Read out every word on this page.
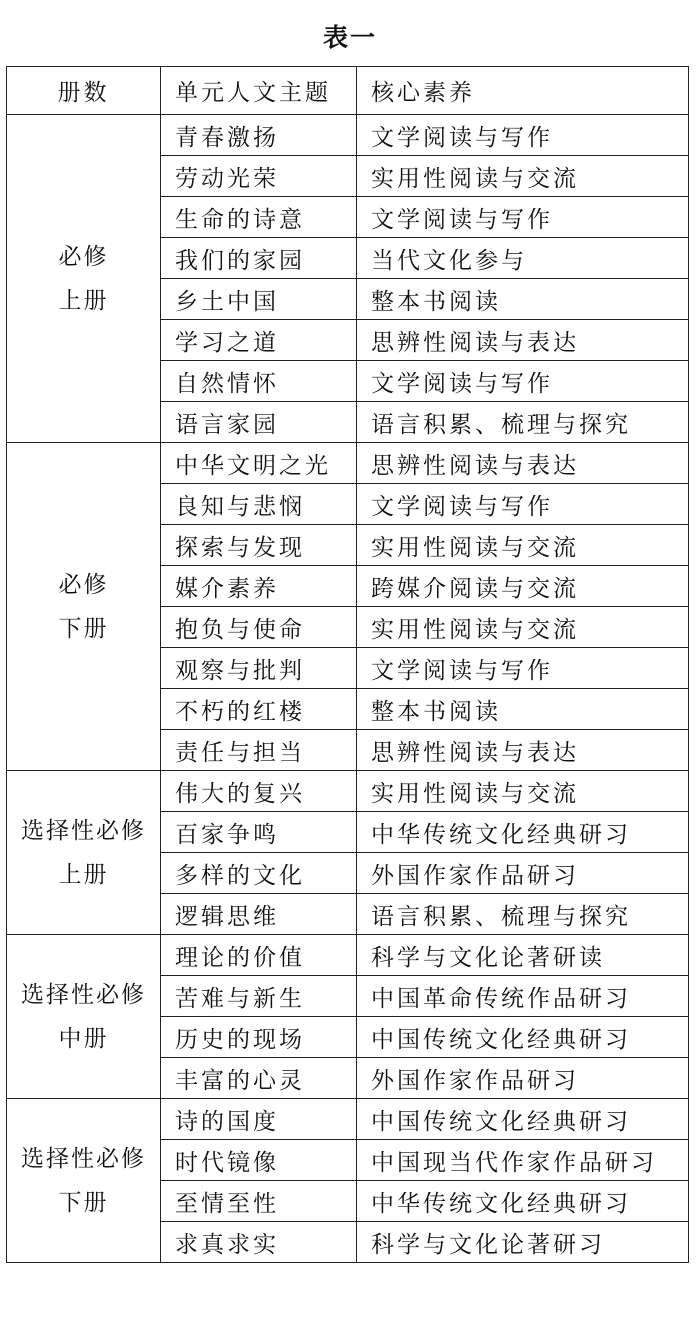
表一
册数	单元人文主题	核心素养

必修
上册	青春激扬	文学阅读与写作
	劳动光荣	实用性阅读与交流
	生命的诗意	文学阅读与写作
	我们的家园	当代文化参与
	乡土中国	整本书阅读
	学习之道	思辨性阅读与表达
	自然情怀	文学阅读与写作
	语言家园	语言积累、梳理与探究

必修
下册	中华文明之光	思辨性阅读与表达
	良知与悲悯	文学阅读与写作
	探索与发现	实用性阅读与交流
	媒介素养	跨媒介阅读与交流
	抱负与使命	实用性阅读与交流
	观察与批判	文学阅读与写作
	不朽的红楼	整本书阅读
	责任与担当	思辨性阅读与表达

选择性必修
上册	伟大的复兴	实用性阅读与交流
	百家争鸣	中华传统文化经典研习
	多样的文化	外国作家作品研习
	逻辑思维	语言积累、梳理与探究

选择性必修
中册	理论的价值	科学与文化论著研读
	苦难与新生	中国革命传统作品研习
	历史的现场	中国传统文化经典研习
	丰富的心灵	外国作家作品研习

选择性必修
下册	诗的国度	中国传统文化经典研习
	时代镜像	中国现当代作家作品研习
	至情至性	中华传统文化经典研习
	求真求实	科学与文化论著研习
